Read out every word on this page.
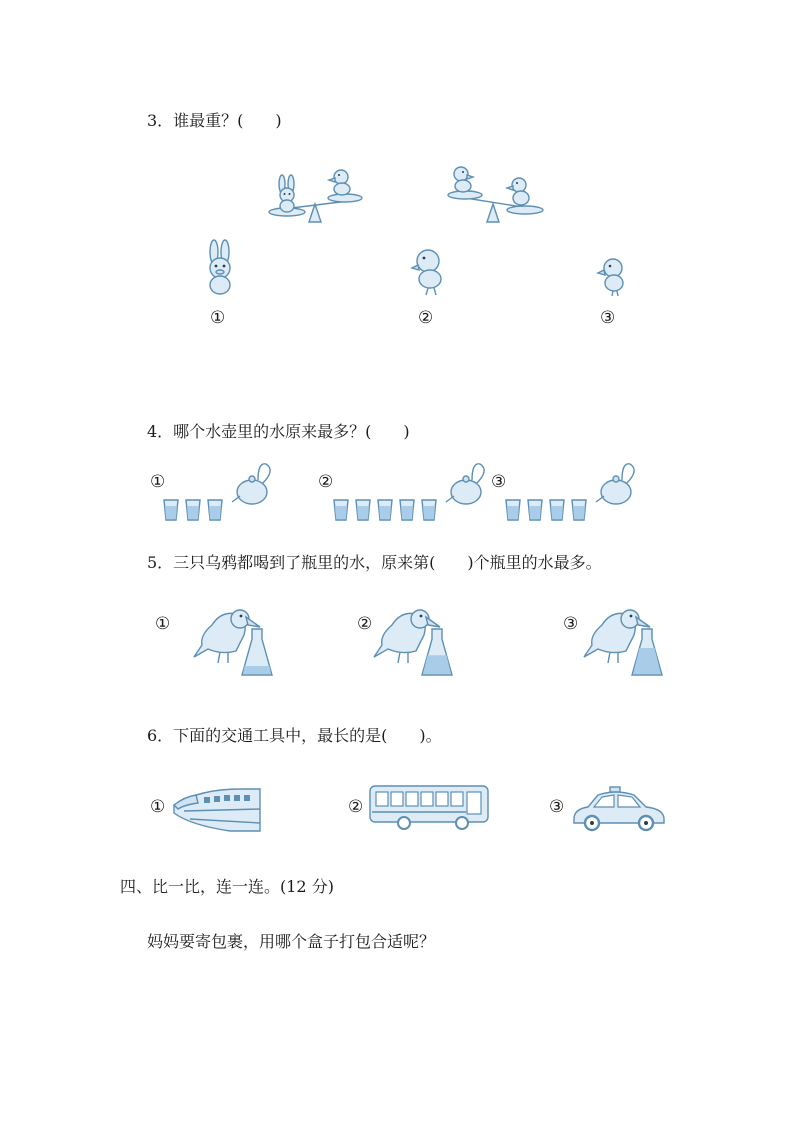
3．谁最重？(　　)
①	②	③
4．哪个水壶里的水原来最多？(　　)
①	②	③
5．三只乌鸦都喝到了瓶里的水，原来第(　　)个瓶里的水最多。
①	②	③
6．下面的交通工具中，最长的是(　　)。
①	②	③
四、比一比，连一连。(12 分)
妈妈要寄包裹，用哪个盒子打包合适呢？
